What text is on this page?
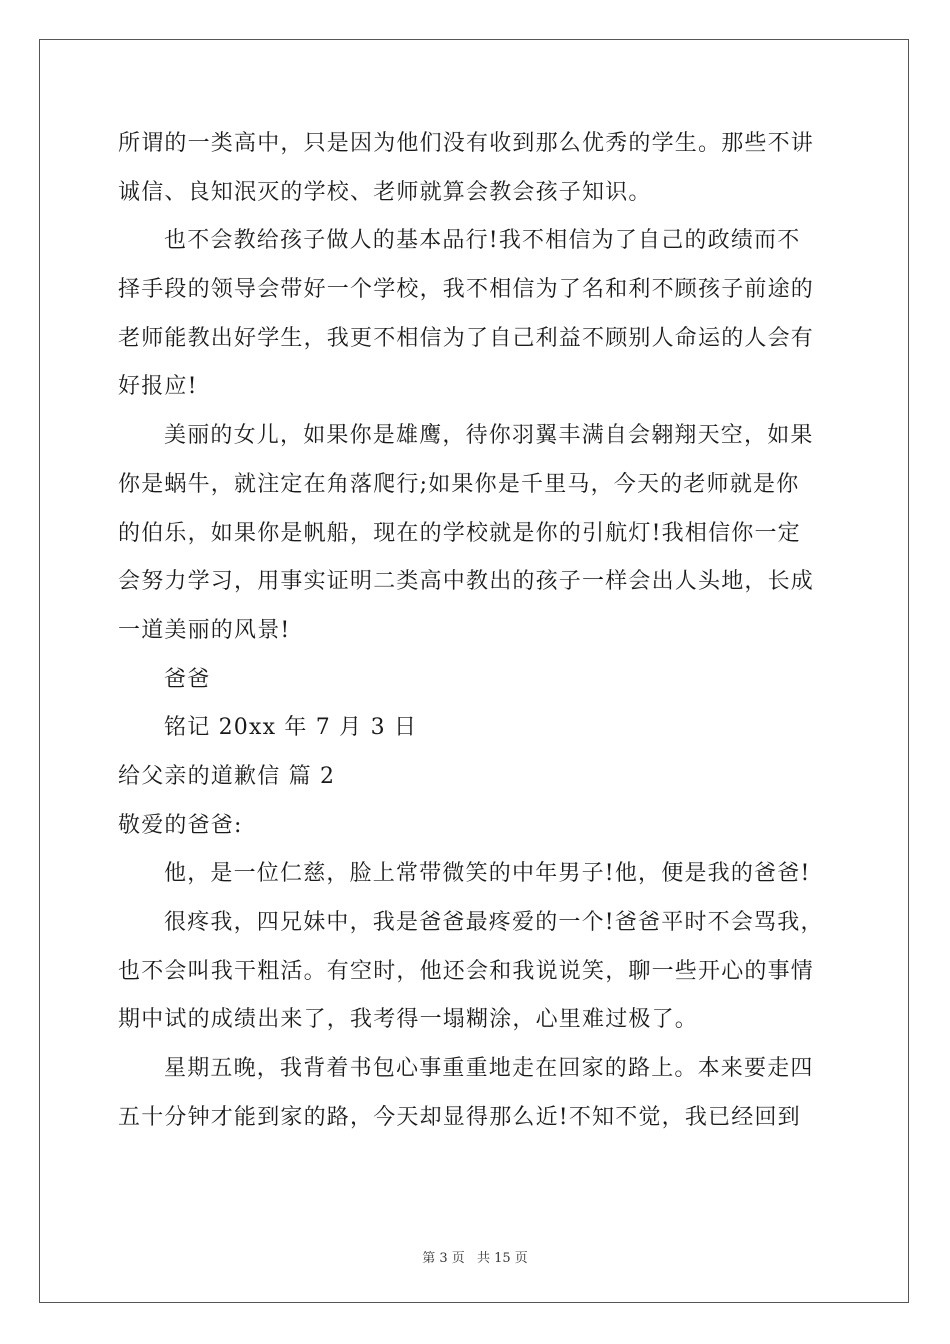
所谓的一类高中，只是因为他们没有收到那么优秀的学生。那些不讲
诚信、良知泯灭的学校、老师就算会教会孩子知识。
也不会教给孩子做人的基本品行!我不相信为了自己的政绩而不
择手段的领导会带好一个学校，我不相信为了名和利不顾孩子前途的
老师能教出好学生，我更不相信为了自己利益不顾别人命运的人会有
好报应!
美丽的女儿，如果你是雄鹰，待你羽翼丰满自会翱翔天空，如果
你是蜗牛，就注定在角落爬行;如果你是千里马，今天的老师就是你
的伯乐，如果你是帆船，现在的学校就是你的引航灯!我相信你一定
会努力学习，用事实证明二类高中教出的孩子一样会出人头地，长成
一道美丽的风景!
爸爸
铭记 20xx 年 7 月 3 日
给父亲的道歉信 篇 2
敬爱的爸爸:
他，是一位仁慈，脸上常带微笑的中年男子!他，便是我的爸爸!
很疼我，四兄妹中，我是爸爸最疼爱的一个!爸爸平时不会骂我，
也不会叫我干粗活。有空时，他还会和我说说笑，聊一些开心的事情
期中试的成绩出来了，我考得一塌糊涂，心里难过极了。
星期五晚，我背着书包心事重重地走在回家的路上。本来要走四
五十分钟才能到家的路，今天却显得那么近!不知不觉，我已经回到
第 3 页 共 15 页
